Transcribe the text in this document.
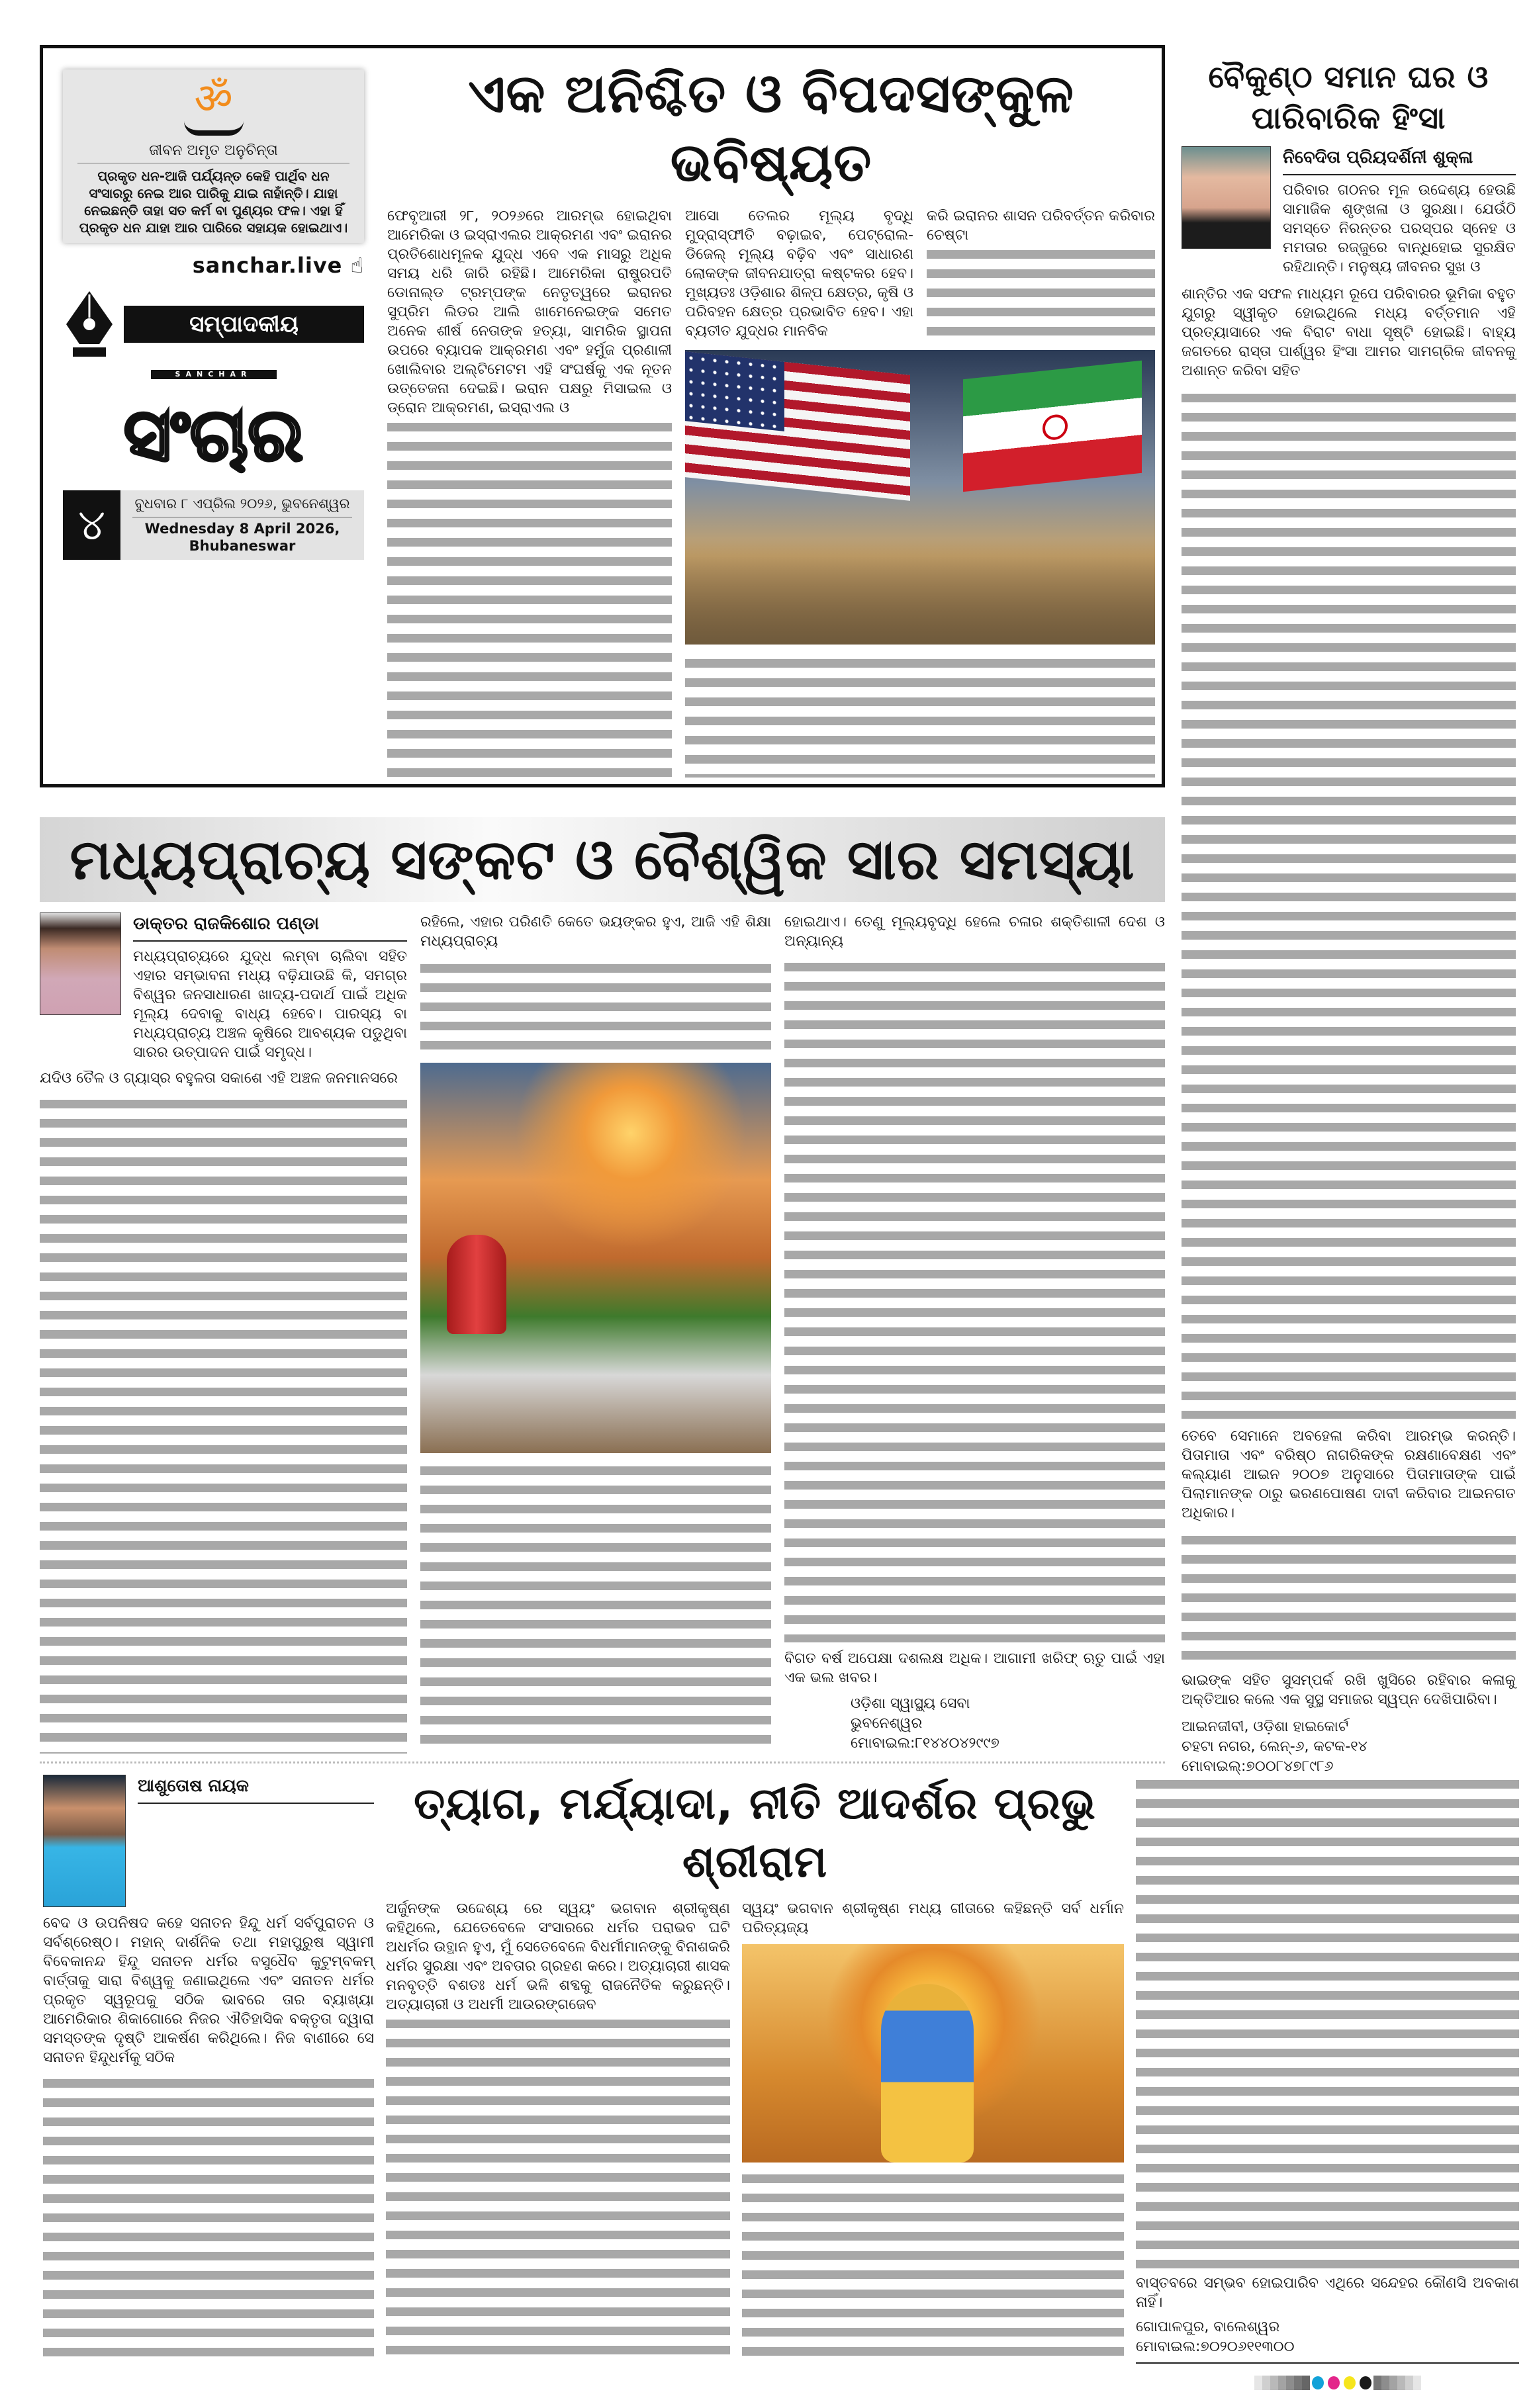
ॐ
ଜୀବନ ଅମୃତ ଅନୁଚିନ୍ତା
ପ୍ରକୃତ ଧନ-ଆଜି ପର୍ଯ୍ୟନ୍ତ କେହି ପାର୍ଥିବ ଧନ ସଂସାରରୁ ନେଇ ଆର ପାରିକୁ ଯାଇ ନାହାଁନ୍ତି। ଯାହା ନେଇଛନ୍ତି ତାହା ସତ କର୍ମ ବା ପୁଣ୍ୟର ଫଳ। ଏହା ହିଁ ପ୍ରକୃତ ଧନ ଯାହା ଆର ପାରିରେ ସହାୟକ ହୋଇଥାଏ।
sanchar.live ☝
ସମ୍ପାଦକୀୟ
SANCHAR
ସଂଚାର
୪	ବୁଧବାର ୮ ଏପ୍ରିଲ ୨୦୨୬, ଭୁବନେଶ୍ୱର
Wednesday 8 April 2026, Bhubaneswar
ଏକ ଅନିଶ୍ଚିତ ଓ ବିପଦସଙ୍କୁଳ ଭବିଷ୍ୟତ

ଫେବୃଆରୀ ୨୮, ୨୦୨୬ରେ ଆରମ୍ଭ ହୋଇଥିବା ଆମେରିକା ଓ ଇସ୍ରାଏଲର ଆକ୍ରମଣ ଏବଂ ଇରାନର ପ୍ରତିଶୋଧମୂଳକ ଯୁଦ୍ଧ ଏବେ ଏକ ମାସରୁ ଅଧିକ ସମୟ ଧରି ଜାରି ରହିଛି। ଆମେରିକା ରାଷ୍ଟ୍ରପତି ଡୋନାଲ୍ଡ ଟ୍ରମ୍ପଙ୍କ ନେତୃତ୍ୱରେ ଇରାନର ସୁପ୍ରିମ ଲିଡର ଆଲି ଖାମେନେଇଙ୍କ ସମେତ ଅନେକ ଶୀର୍ଷ ନେତାଙ୍କ ହତ୍ୟା, ସାମରିକ ସ୍ଥାପନା ଉପରେ ବ୍ୟାପକ ଆକ୍ରମଣ ଏବଂ ହର୍ମୁଜ ପ୍ରଣାଳୀ ଖୋଲିବାର ଅଲ୍ଟିମେଟମ ଏହି ସଂଘର୍ଷକୁ ଏକ ନୂତନ ଉତ୍ତେଜନା ଦେଇଛି। ଇରାନ ପକ୍ଷରୁ ମିସାଇଲ ଓ ଡ୍ରୋନ ଆକ୍ରମଣ, ଇସ୍ରାଏଲ ଓ

ଆସୋ ତେଲର ମୂଲ୍ୟ ବୃଦ୍ଧି ମୁଦ୍ରାସ୍ଫୀତି ବଢ଼ାଇବ, ପେଟ୍ରୋଲ-ଡିଜେଲ୍ ମୂଲ୍ୟ ବଢ଼ିବ ଏବଂ ସାଧାରଣ ଲୋକଙ୍କ ଜୀବନଯାତ୍ରା କଷ୍ଟକର ହେବ। ମୁଖ୍ୟତଃ ଓଡ଼ିଶାର ଶିଳ୍ପ କ୍ଷେତ୍ର, କୃଷି ଓ ପରିବହନ କ୍ଷେତ୍ର ପ୍ରଭାବିତ ହେବ। ଏହା ବ୍ୟତୀତ ଯୁଦ୍ଧର ମାନବିକ

କରି ଇରାନର ଶାସନ ପରିବର୍ତ୍ତନ କରିବାର ଚେଷ୍ଟା

ବୈକୁଣ୍ଠ ସମାନ ଘର ଓ ପାରିବାରିକ ହିଂସା
ନିବେଦିତା ପ୍ରିୟଦର୍ଶିନୀ ଶୁକ୍ଳା

ପରିବାର ଗଠନର ମୂଳ ଉଦ୍ଦେଶ୍ୟ ହେଉଛି ସାମାଜିକ ଶୃଙ୍ଖଳା ଓ ସୁରକ୍ଷା। ଯେଉଁଠି ସମସ୍ତେ ନିରନ୍ତର ପରସ୍ପର ସ୍ନେହ ଓ ମମତାର ରଜ୍ଜୁରେ ବାନ୍ଧିହୋଇ ସୁରକ୍ଷିତ ରହିଥାନ୍ତି। ମନୁଷ୍ୟ ଜୀବନର ସୁଖ ଓ

ଶାନ୍ତିର ଏକ ସଫଳ ମାଧ୍ୟମ ରୂପେ ପରିବାରର ଭୂମିକା ବହୁତ ଯୁଗରୁ ସ୍ୱୀକୃତ ହୋଇଥିଲେ ମଧ୍ୟ ବର୍ତ୍ତମାନ ଏହି ପ୍ରତ୍ୟାସାରେ ଏକ ବିରାଟ ବାଧା ସୃଷ୍ଟି ହୋଇଛି। ବାହ୍ୟ ଜଗତରେ ରାସ୍ତା ପାର୍ଶ୍ୱର ହିଂସା ଆମର ସାମଗ୍ରିକ ଜୀବନକୁ ଅଶାନ୍ତ କରିବା ସହିତ

ତେବେ ସେମାନେ ଅବହେଳା କରିବା ଆରମ୍ଭ କରନ୍ତି। ପିତାମାତା ଏବଂ ବରିଷ୍ଠ ନାଗରିକଙ୍କ ରକ୍ଷଣାବେକ୍ଷଣ ଏବଂ କଲ୍ୟାଣ ଆଇନ ୨୦୦୭ ଅନୁସାରେ ପିତାମାତାଙ୍କ ପାଇଁ ପିଲାମାନଙ୍କ ଠାରୁ ଭରଣପୋଷଣ ଦାବୀ କରିବାର ଆଇନଗତ ଅଧିକାର।

ଭାଇଙ୍କ ସହିତ ସୁସମ୍ପର୍କ ରଖି ଖୁସିରେ ରହିବାର କଳାକୁ ଅକ୍ତିଆର କଲେ ଏକ ସୁସ୍ଥ ସମାଜର ସ୍ୱପ୍ନ ଦେଖିପାରିବା।

ଆଇନଜୀବୀ, ଓଡ଼ିଶା ହାଇକୋର୍ଟ
ଚହଟା ନଗର, ଲେନ୍-୬, କଟକ-୧୪
ମୋବାଇଲ୍:୭୦୦୮୪୭୮୯୮୬
ମଧ୍ୟପ୍ରାଚ୍ୟ ସଙ୍କଟ ଓ ବୈଶ୍ୱିକ ସାର ସମସ୍ୟା
ଡାକ୍ତର ରାଜକିଶୋର ପଣ୍ଡା

ମଧ୍ୟପ୍ରାଚ୍ୟରେ ଯୁଦ୍ଧ ଲମ୍ବା ଚାଲିବା ସହିତ ଏହାର ସମ୍ଭାବନା ମଧ୍ୟ ବଢ଼ିଯାଉଛି କି, ସମଗ୍ର ବିଶ୍ୱର ଜନସାଧାରଣ ଖାଦ୍ୟ-ପଦାର୍ଥ ପାଇଁ ଅଧିକ ମୂଲ୍ୟ ଦେବାକୁ ବାଧ୍ୟ ହେବେ। ପାରସ୍ୟ ବା ମଧ୍ୟପ୍ରାଚ୍ୟ ଅଞ୍ଚଳ କୃଷିରେ ଆବଶ୍ୟକ ପଡୁଥିବା ସାରର ଉତ୍ପାଦନ ପାଇଁ ସମୃଦ୍ଧ।

ଯଦିଓ ତୈଳ ଓ ଗ୍ୟାସ୍‌ର ବହୁଳତା ସକାଶେ ଏହି ଅଞ୍ଚଳ ଜନମାନସରେ

ରହିଲେ, ଏହାର ପରିଣତି କେତେ ଭୟଙ୍କର ହୁଏ, ଆଜି ଏହି ଶିକ୍ଷା ମଧ୍ୟପ୍ରାଚ୍ୟ

ହୋଇଥାଏ। ତେଣୁ ମୂଲ୍ୟବୃଦ୍ଧି ହେଲେ ଚଳାର ଶକ୍ତିଶାଳୀ ଦେଶ ଓ ଅନ୍ୟାନ୍ୟ

ବିଗତ ବର୍ଷ ଅପେକ୍ଷା ଦଶଲକ୍ଷ ଅଧିକ। ଆଗାମୀ ଖରିଫ୍ ଋତୁ ପାଇଁ ଏହା ଏକ ଭଲ ଖବର।

ଓଡ଼ିଶା ସ୍ୱାସ୍ଥ୍ୟ ସେବା
ଭୁବନେଶ୍ୱର
ମୋବାଇଲ:୮୧୪୪୦୪୨୯୯୭
ଆଶୁତୋଷ ନାୟକ

ବେଦ ଓ ଉପନିଷଦ କହେ ସନାତନ ହିନ୍ଦୁ ଧର୍ମ ସର୍ବପୁରାତନ ଓ ସର୍ବଶ୍ରେଷ୍ଠ। ମହାନ୍ ଦାର୍ଶନିକ ତଥା ମହାପୁରୁଷ ସ୍ୱାମୀ ବିବେକାନନ୍ଦ ହିନ୍ଦୁ ସନାତନ ଧର୍ମର ବସୁଧୈବ କୁଟୁମ୍ବକମ୍ ବାର୍ତ୍ତାକୁ ସାରା ବିଶ୍ୱକୁ ଜଣାଇଥିଲେ ଏବଂ ସନାତନ ଧର୍ମର ପ୍ରକୃତ ସ୍ୱରୂପକୁ ସଠିକ ଭାବରେ ତାର ବ୍ୟାଖ୍ୟା ଆମେରିକାର ଶିକାଗୋରେ ନିଜର ଐତିହାସିକ ବକ୍ତୃତା ଦ୍ୱାରା ସମସ୍ତଙ୍କ ଦୃଷ୍ଟି ଆକର୍ଷଣ କରିଥିଲେ। ନିଜ ବାଣୀରେ ସେ ସନାତନ ହିନ୍ଦୁଧର୍ମକୁ ସଠିକ

ତ୍ୟାଗ, ମର୍ଯ୍ୟାଦା, ନୀତି ଆଦର୍ଶର ପ୍ରଭୁ ଶ୍ରୀରାମ

ଅର୍ଜୁନଙ୍କ ଉଦ୍ଦେଶ୍ୟ ରେ ସ୍ୱୟଂ ଭଗବାନ ଶ୍ରୀକୃଷ୍ଣ କହିଥିଲେ, ଯେତେବେଳେ ସଂସାରରେ ଧର୍ମର ପରାଭବ ଘଟି ଅଧର୍ମର ଉତ୍ଥାନ ହୁଏ, ମୁଁ ସେତେବେଳେ ବିଧର୍ମୀମାନଙ୍କୁ ବିନାଶକରି ଧର୍ମର ସୁରକ୍ଷା ଏବଂ ଅବତାର ଗ୍ରହଣ କରେ। ଅତ୍ୟାଚାରୀ ଶାସକ ମନବୃତ୍ତି ବଶତଃ ଧର୍ମ ଭଳି ଶବ୍ଦକୁ ରାଜନୈତିକ କରୁଛନ୍ତି। ଅତ୍ୟାଚାରୀ ଓ ଅଧର୍ମୀ ଆଉରଙ୍ଗଜେବ

ସ୍ୱୟଂ ଭଗବାନ ଶ୍ରୀକୃଷ୍ଣ ମଧ୍ୟ ଗୀତାରେ କହିଛନ୍ତି ସର୍ବ ଧର୍ମାନ ପରିତ୍ୟଜ୍ୟ

ବାସ୍ତବରେ ସମ୍ଭବ ହୋଇପାରିବ ଏଥିରେ ସନ୍ଦେହର କୌଣସି ଅବକାଶ ନାହିଁ।

ଗୋପାଳପୁର, ବାଲେଶ୍ୱର
ମୋବାଇଲ:୭୦୨୦୬୧୧୩୦୦
